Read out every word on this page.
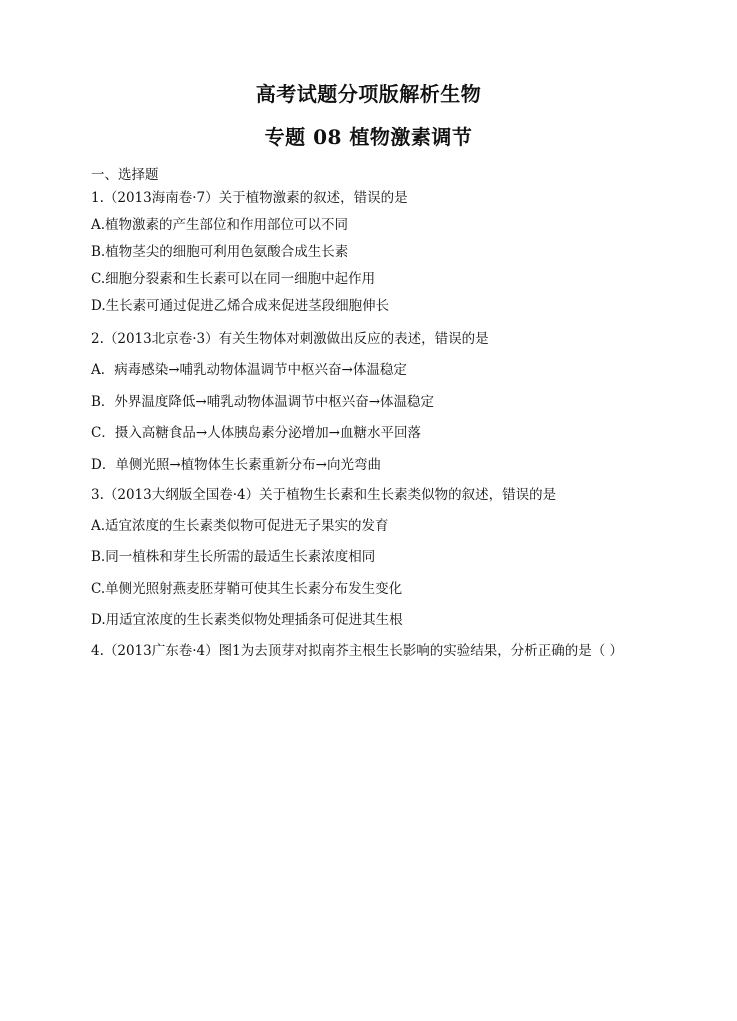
高考试题分项版解析生物
专题 08 植物激素调节
一、选择题
1.（2013海南卷·7）关于植物激素的叙述，错误的是
A.植物激素的产生部位和作用部位可以不同
B.植物茎尖的细胞可利用色氨酸合成生长素
C.细胞分裂素和生长素可以在同一细胞中起作用
D.生长素可通过促进乙烯合成来促进茎段细胞伸长
2.（2013北京卷·3）有关生物体对刺激做出反应的表述，错误的是
A．病毒感染→哺乳动物体温调节中枢兴奋→体温稳定
B．外界温度降低→哺乳动物体温调节中枢兴奋→体温稳定
C．摄入高糖食品→人体胰岛素分泌增加→血糖水平回落
D．单侧光照→植物体生长素重新分布→向光弯曲
3.（2013大纲版全国卷·4）关于植物生长素和生长素类似物的叙述，错误的是
A.适宜浓度的生长素类似物可促进无子果实的发育
B.同一植株和芽生长所需的最适生长素浓度相同
C.单侧光照射燕麦胚芽鞘可使其生长素分布发生变化
D.用适宜浓度的生长素类似物处理插条可促进其生根
4.（2013广东卷·4）图1为去顶芽对拟南芥主根生长影响的实验结果，分析正确的是（ ）
